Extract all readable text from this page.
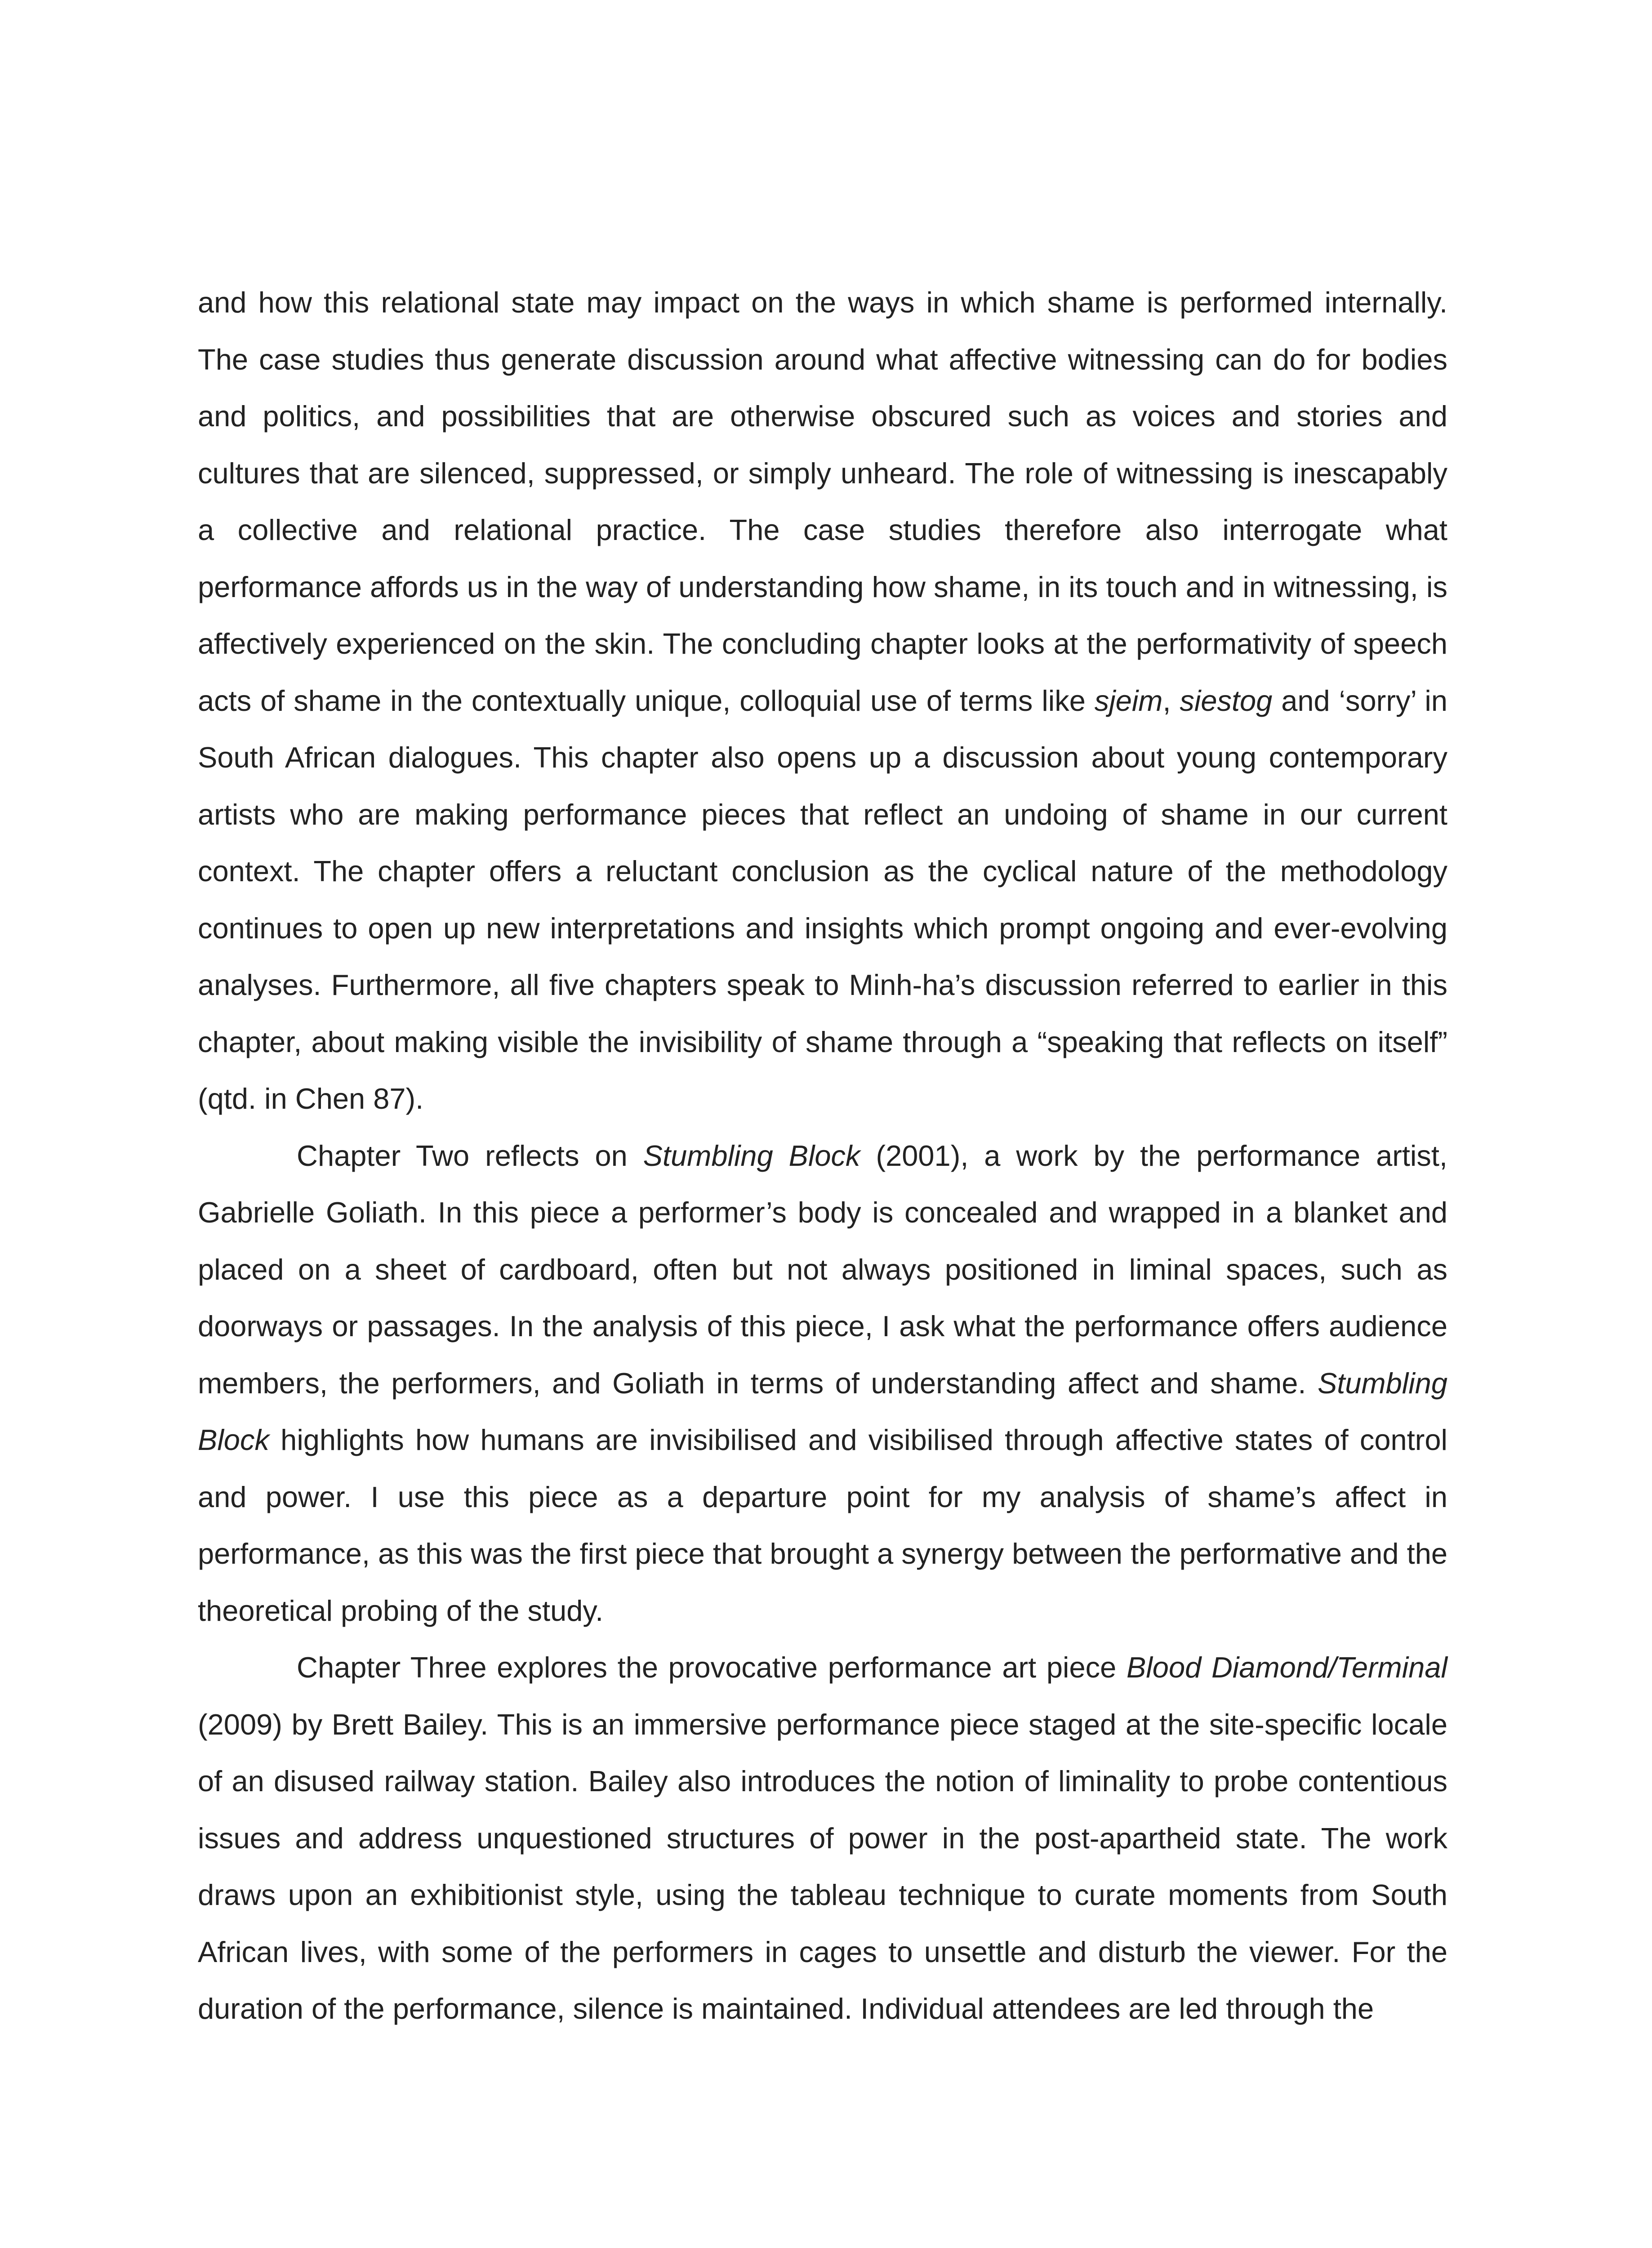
and how this relational state may impact on the ways in which shame is performed internally. The case studies thus generate discussion around what affective witnessing can do for bodies and politics, and possibilities that are otherwise obscured such as voices and stories and cultures that are silenced, suppressed, or simply unheard. The role of witnessing is inescapably a collective and relational practice. The case studies therefore also interrogate what performance affords us in the way of understanding how shame, in its touch and in witnessing, is affectively experienced on the skin. The concluding chapter looks at the performativity of speech acts of shame in the contextually unique, colloquial use of terms like sjeim, siestog and ‘sorry’ in South African dialogues. This chapter also opens up a discussion about young contemporary artists who are making performance pieces that reflect an undoing of shame in our current context. The chapter offers a reluctant conclusion as the cyclical nature of the methodology continues to open up new interpretations and insights which prompt ongoing and ever-evolving analyses. Furthermore, all five chapters speak to Minh-ha’s discussion referred to earlier in this chapter, about making visible the invisibility of shame through a “speaking that reflects on itself” (qtd. in Chen 87).

Chapter Two reflects on Stumbling Block (2001), a work by the performance artist, Gabrielle Goliath. In this piece a performer’s body is concealed and wrapped in a blanket and placed on a sheet of cardboard, often but not always positioned in liminal spaces, such as doorways or passages. In the analysis of this piece, I ask what the performance offers audience members, the performers, and Goliath in terms of understanding affect and shame. Stumbling Block highlights how humans are invisibilised and visibilised through affective states of control and power. I use this piece as a departure point for my analysis of shame’s affect in performance, as this was the first piece that brought a synergy between the performative and the theoretical probing of the study.

Chapter Three explores the provocative performance art piece Blood Diamond/Terminal (2009) by Brett Bailey. This is an immersive performance piece staged at the site-specific locale of an disused railway station. Bailey also introduces the notion of liminality to probe contentious issues and address unquestioned structures of power in the post-apartheid state. The work draws upon an exhibitionist style, using the tableau technique to curate moments from South African lives, with some of the performers in cages to unsettle and disturb the viewer. For the duration of the performance, silence is maintained. Individual attendees are led through the
